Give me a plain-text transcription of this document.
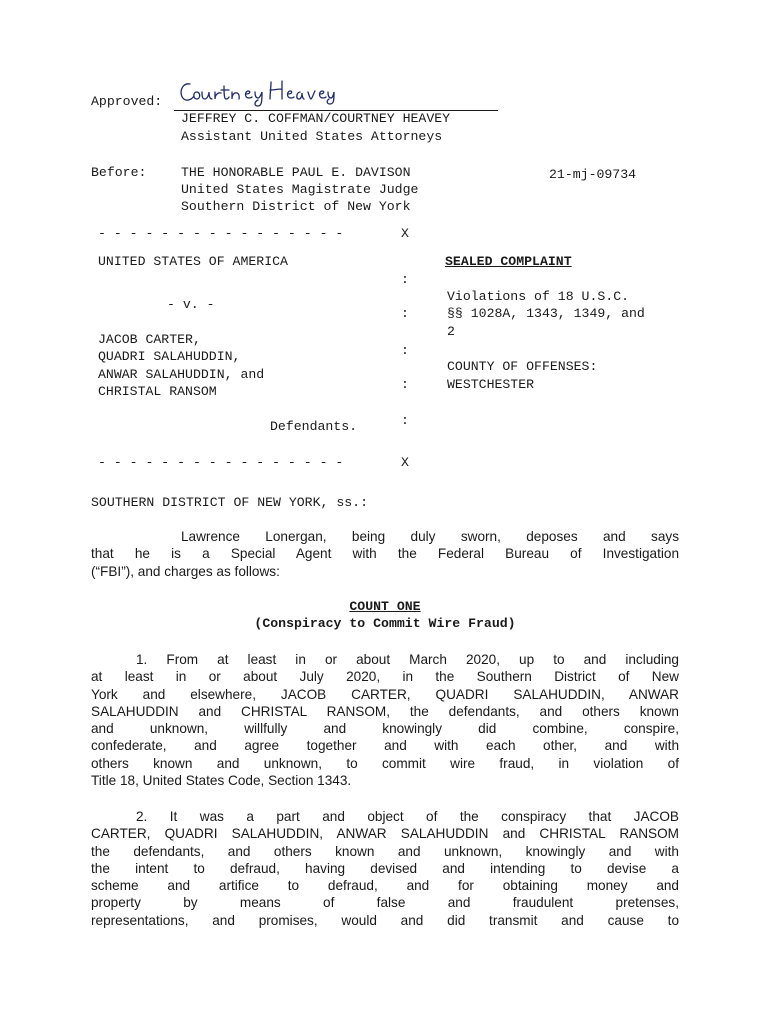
Approved:
JEFFREY C. COFFMAN/COURTNEY HEAVEY
Assistant United States Attorneys
Before:	THE HONORABLE PAUL E. DAVISON	21-mj-09734
United States Magistrate Judge
Southern District of New York
- - - - - - - - - - - - - - - -	X
UNITED STATES OF AMERICA	SEALED COMPLAINT
:
- v. -
:
:
:
:
Violations of 18 U.S.C.
§§ 1028A, 1343, 1349, and
2
JACOB CARTER,
QUADRI SALAHUDDIN,
ANWAR SALAHUDDIN, and
CHRISTAL RANSOM
COUNTY OF OFFENSES:
WESTCHESTER
Defendants.
- - - - - - - - - - - - - - - -	X
SOUTHERN DISTRICT OF NEW YORK, ss.:
Lawrence Lonergan, being duly sworn, deposes and says
that he is a Special Agent with the Federal Bureau of Investigation
(“FBI”), and charges as follows:
COUNT ONE
(Conspiracy to Commit Wire Fraud)
1. From at least in or about March 2020, up to and including
at least in or about July 2020, in the Southern District of New
York and elsewhere, JACOB CARTER, QUADRI SALAHUDDIN, ANWAR
SALAHUDDIN and CHRISTAL RANSOM, the defendants, and others known
and unknown, willfully and knowingly did combine, conspire,
confederate, and agree together and with each other, and with
others known and unknown, to commit wire fraud, in violation of
Title 18, United States Code, Section 1343.
2. It was a part and object of the conspiracy that JACOB
CARTER, QUADRI SALAHUDDIN, ANWAR SALAHUDDIN and CHRISTAL RANSOM
the defendants, and others known and unknown, knowingly and with
the intent to defraud, having devised and intending to devise a
scheme and artifice to defraud, and for obtaining money and
property by means of false and fraudulent pretenses,
representations, and promises, would and did transmit and cause to
